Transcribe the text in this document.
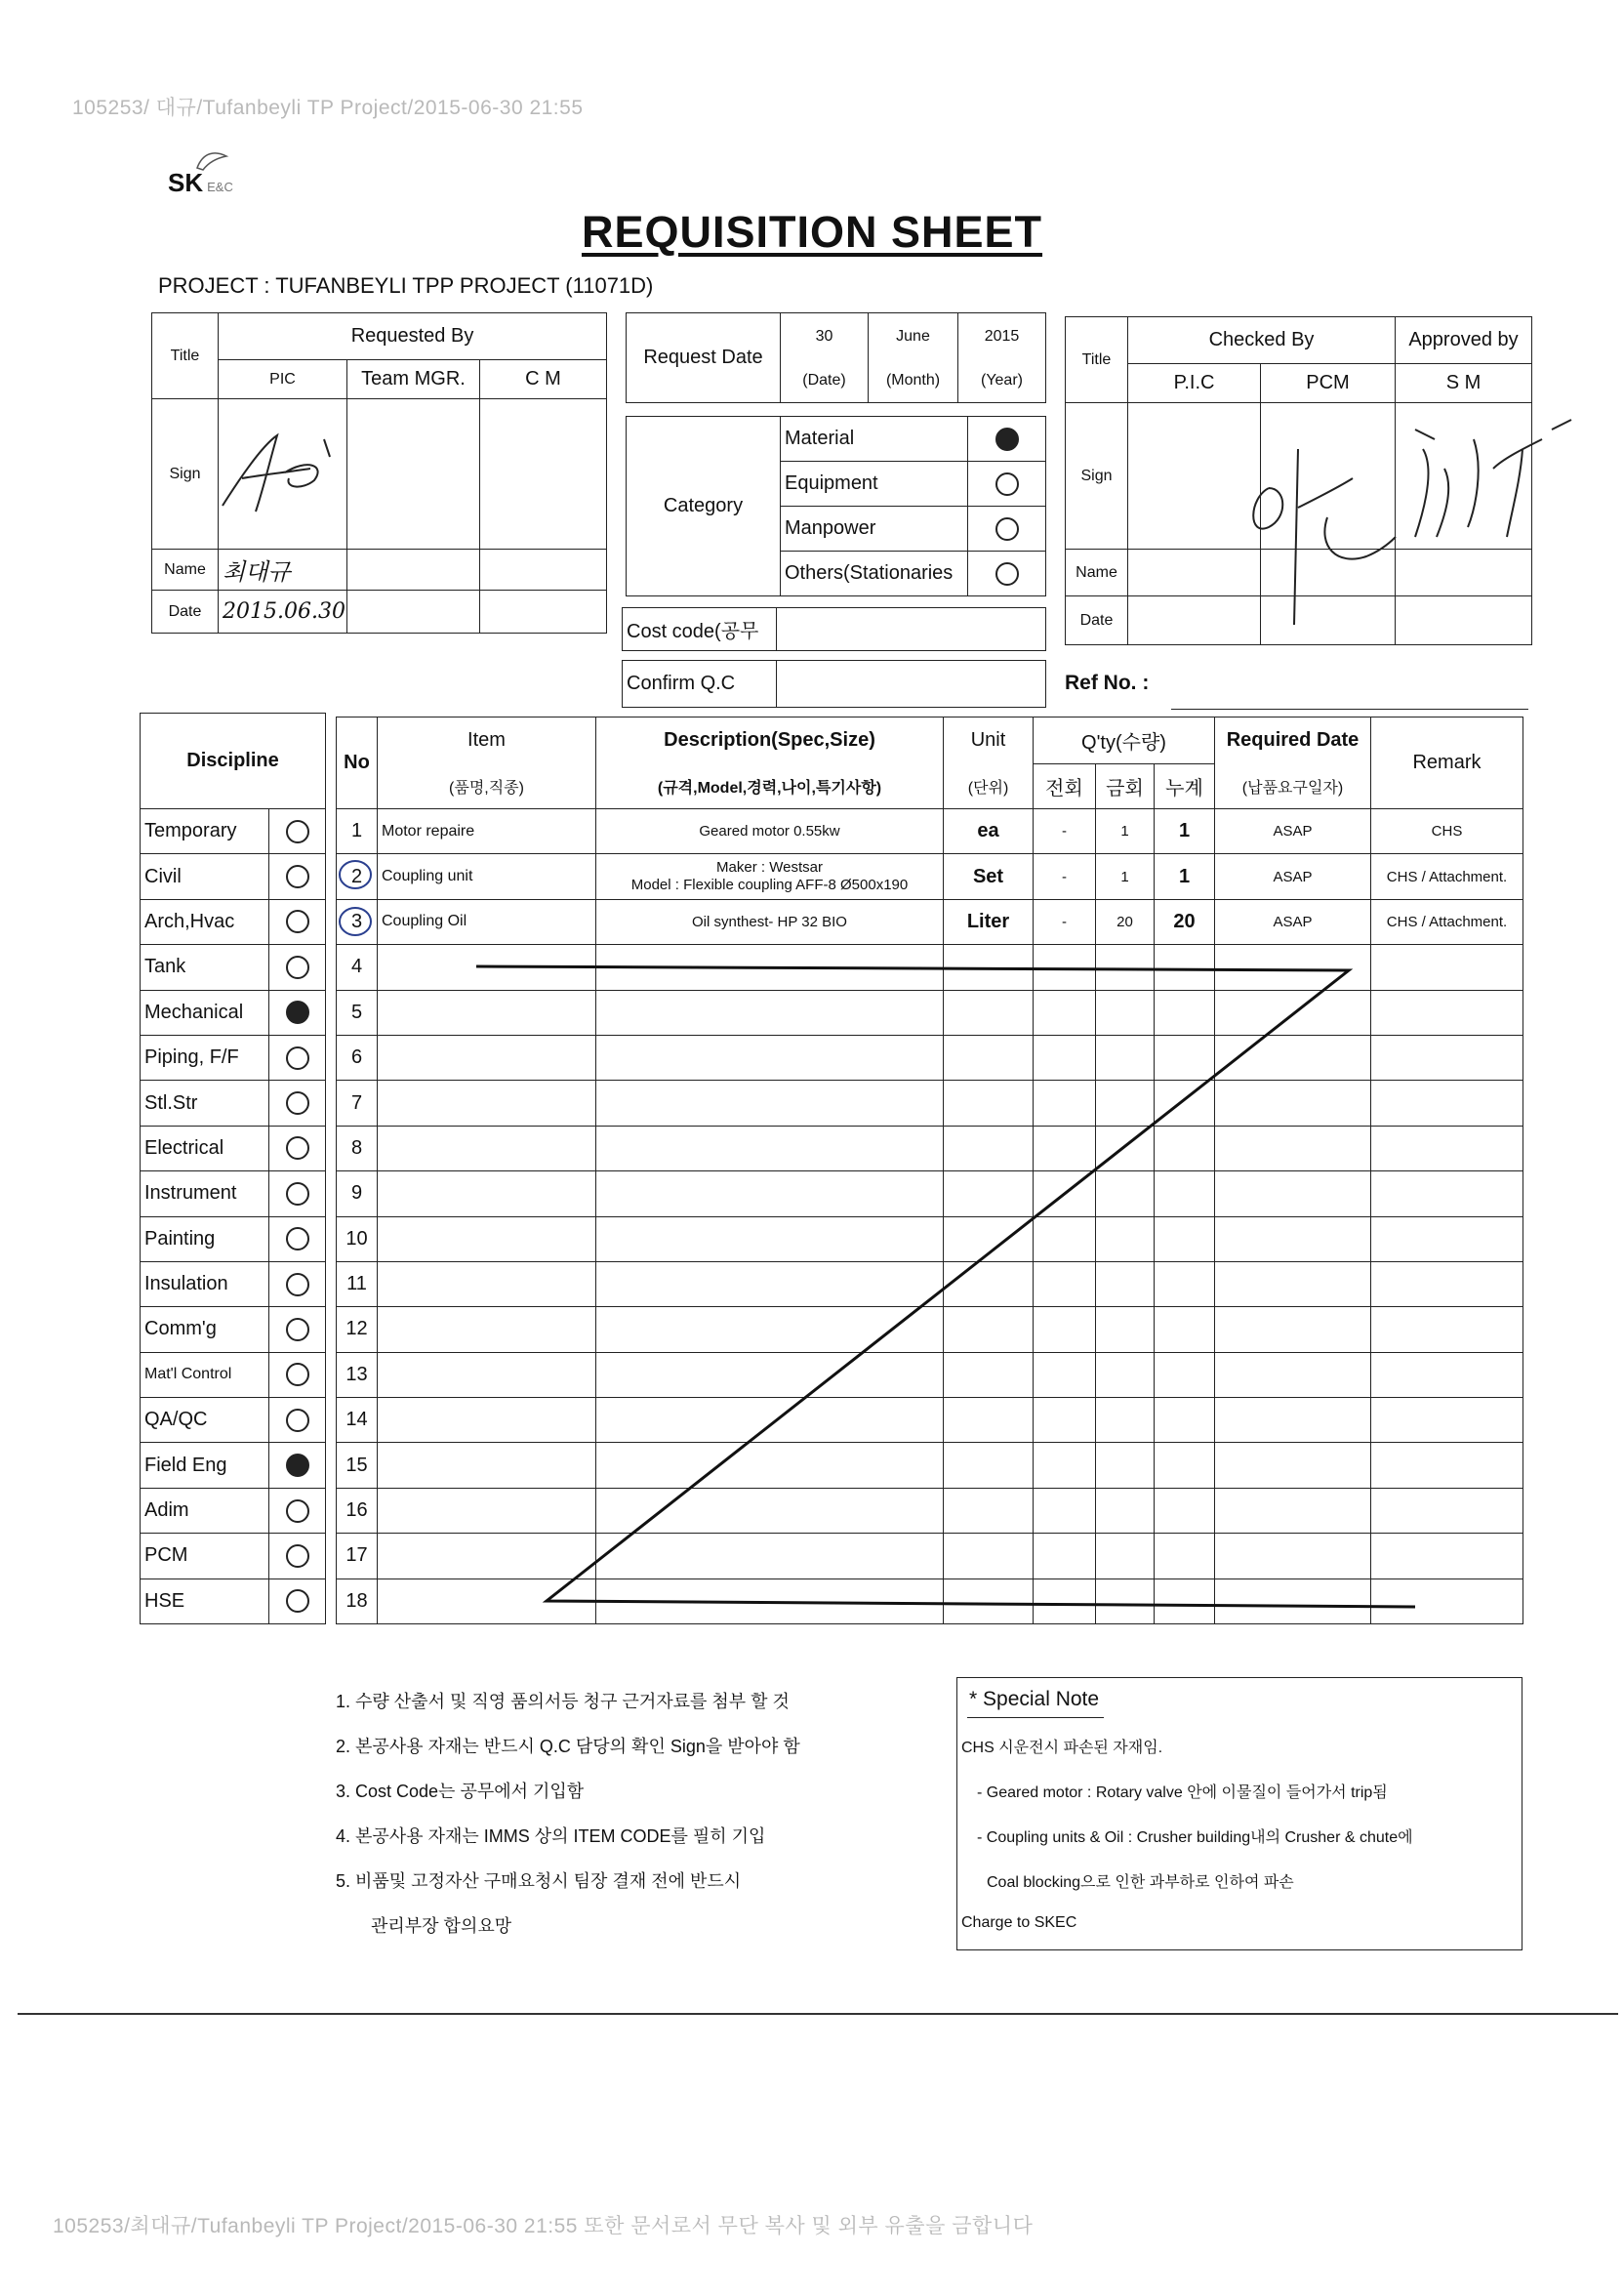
105253/ 대규/Tufanbeyli TP Project/2015-06-30 21:55
SK E&C
REQUISITION SHEET
PROJECT : TUFANBEYLI TPP PROJECT (11071D)
Title	Requested By		
	PIC	Team MGR.	C M
Sign			
Name	최대규		
Date	2015.06.30		
Request Date	30	June	2015
	(Date)	(Month)	(Year)
Category	Material	
	Equipment	
	Manpower	
	Others(Stationaries	
Cost code(공무	
Confirm Q.C	
Title	Checked By		Approved by
	P.I.C	PCM	S M
Sign			
Name			
Date			
Ref No. :
Discipline	
Temporary	
Civil	
Arch,Hvac	
Tank	
Mechanical	
Piping, F/F	
Stl.Str	
Electrical	
Instrument	
Painting	
Insulation	
Comm'g	
Mat'l Control	
QA/QC	
Field Eng	
Adim	
PCM	
HSE	
No	Item	Description(Spec,Size)	Unit	Q'ty(수량)			Required Date	Remark
	(품명,직종)	(규격,Model,경력,나이,특기사항)	(단위)	전회	금회	누계	(납품요구일자)	
1	Motor repaire	Geared motor 0.55kw	ea	-	1	1	ASAP	CHS
2	Coupling unit	Maker : Westsar
Model : Flexible coupling AFF-8 Ø500x190	Set	-	1	1	ASAP	CHS / Attachment.
3	Coupling Oil	Oil synthest- HP 32 BIO	Liter	-	20	20	ASAP	CHS / Attachment.
4								
5								
6								
7								
8								
9								
10								
11								
12								
13								
14								
15								
16								
17								
18								
1. 수량 산출서 및 직영 품의서등 청구 근거자료를 첨부 할 것
2. 본공사용 자재는 반드시 Q.C 담당의 확인 Sign을 받아야 함
3. Cost Code는 공무에서 기입함
4. 본공사용 자재는 IMMS 상의 ITEM CODE를 필히 기입
5. 비품및 고정자산 구매요청시 팀장 결재 전에 반드시
관리부장 합의요망
* Special Note
CHS 시운전시 파손된 자재임.
- Geared motor : Rotary valve 안에 이물질이 들어가서 trip됨
- Coupling units & Oil : Crusher building내의 Crusher & chute에
Coal blocking으로 인한 과부하로 인하여 파손
Charge to SKEC
105253/최대규/Tufanbeyli TP Project/2015-06-30 21:55 또한 문서로서 무단 복사 및 외부 유출을 금합니다
